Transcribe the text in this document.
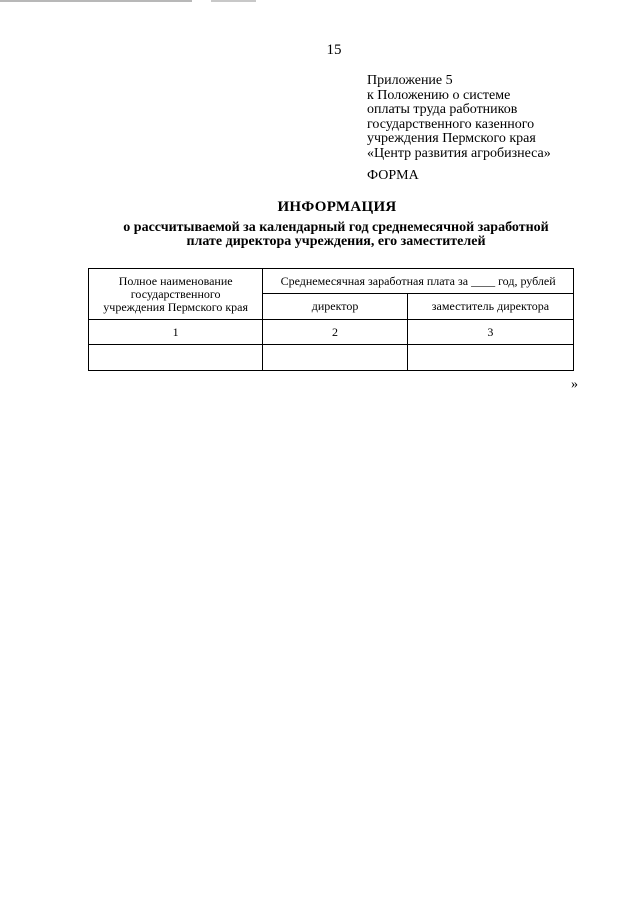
15
Приложение 5
к Положению о системе
оплаты труда работников
государственного казенного
учреждения Пермского края
«Центр развития агробизнеса»
ФОРМА
ИНФОРМАЦИЯ
о рассчитываемой за календарный год среднемесячной заработной
плате директора учреждения, его заместителей
Полное наименование
государственного
учреждения Пермского края	Среднемесячная заработная плата за ____ год, рублей	
	директор	заместитель директора
1	2	3

»
